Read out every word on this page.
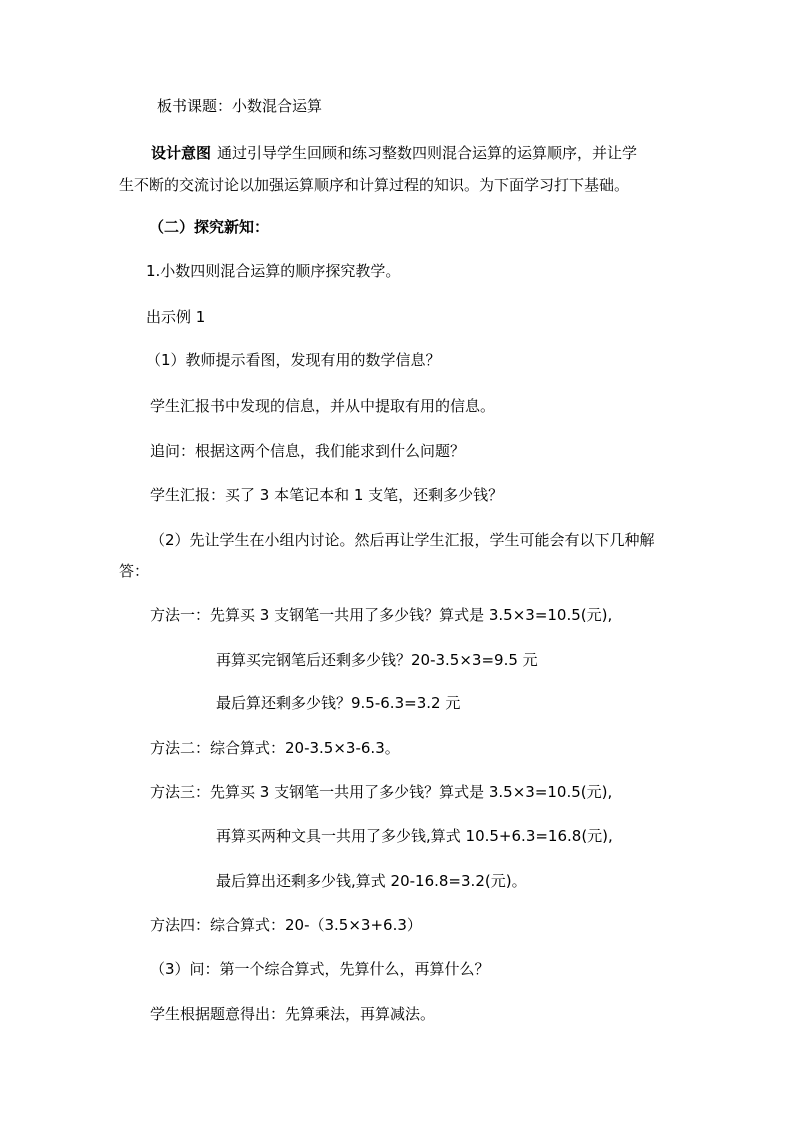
板书课题：小数混合运算
设计意图 通过引导学生回顾和练习整数四则混合运算的运算顺序，并让学
生不断的交流讨论以加强运算顺序和计算过程的知识。为下面学习打下基础。
（二）探究新知：
1.小数四则混合运算的顺序探究教学。
出示例 1
（1）教师提示看图，发现有用的数学信息？
学生汇报书中发现的信息，并从中提取有用的信息。
追问：根据这两个信息，我们能求到什么问题？
学生汇报：买了 3 本笔记本和 1 支笔，还剩多少钱？
（2）先让学生在小组内讨论。然后再让学生汇报，学生可能会有以下几种解
答：
方法一：先算买 3 支钢笔一共用了多少钱？算式是 3.5×3=10.5(元),
再算买完钢笔后还剩多少钱？20-3.5×3=9.5 元
最后算还剩多少钱？9.5-6.3=3.2 元
方法二：综合算式：20-3.5×3-6.3。
方法三：先算买 3 支钢笔一共用了多少钱？算式是 3.5×3=10.5(元),
再算买两种文具一共用了多少钱,算式 10.5+6.3=16.8(元),
最后算出还剩多少钱,算式 20-16.8=3.2(元)。
方法四：综合算式：20-（3.5×3+6.3）
（3）问：第一个综合算式，先算什么，再算什么？
学生根据题意得出：先算乘法，再算减法。
